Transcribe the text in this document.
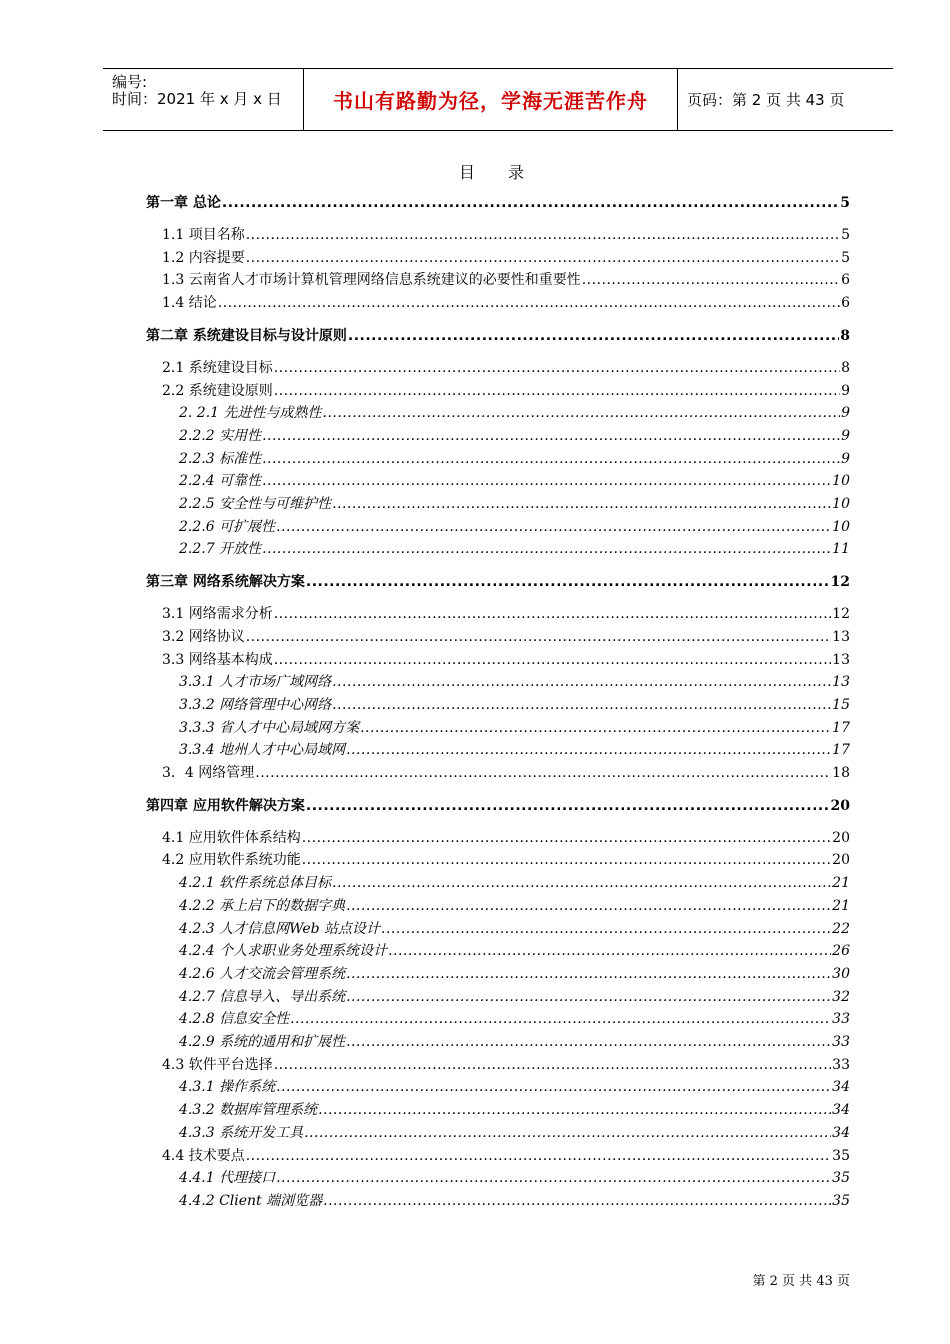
编号:
时间：2021 年 x 月 x 日	书山有路勤为径，学海无涯苦作舟	页码：第 2 页 共 43 页
目 录
第一章 总论 .....	5
1.1 项目名称 .....	5
1.2 内容提要 .....	5
1.3 云南省人才市场计算机管理网络信息系统建议的必要性和重要性 .....	6
1.4 结论 .....	6
第二章 系统建设目标与设计原则 .....	8
2.1 系统建设目标 .....	8
2.2 系统建设原则 .....	9
2. 2.1 先进性与成熟性 .....	9
2.2.2 实用性 .....	9
2.2.3 标准性 .....	9
2.2.4 可靠性 .....	10
2.2.5 安全性与可维护性 .....	10
2.2.6 可扩展性 .....	10
2.2.7 开放性 .....	11
第三章 网络系统解决方案 .....	12
3.1 网络需求分析 .....	12
3.2 网络协议 .....	13
3.3 网络基本构成 .....	13
3.3.1 人才市场广域网络 .....	13
3.3.2 网络管理中心网络 .....	15
3.3.3 省人才中心局域网方案 .....	17
3.3.4 地州人才中心局域网 .....	17
3．4 网络管理 .....	18
第四章 应用软件解决方案 .....	20
4.1 应用软件体系结构 .....	20
4.2 应用软件系统功能 .....	20
4.2.1 软件系统总体目标 .....	21
4.2.2 承上启下的数据字典 .....	21
4.2.3 人才信息网Web 站点设计 .....	22
4.2.4 个人求职业务处理系统设计 .....	26
4.2.6 人才交流会管理系统 .....	30
4.2.7 信息导入、导出系统 .....	32
4.2.8 信息安全性 .....	33
4.2.9 系统的通用和扩展性 .....	33
4.3 软件平台选择 .....	33
4.3.1 操作系统 .....	34
4.3.2 数据库管理系统 .....	34
4.3.3 系统开发工具 .....	34
4.4 技术要点 .....	35
4.4.1 代理接口 .....	35
4.4.2 Client 端浏览器 .....	35
第 2 页 共 43 页
